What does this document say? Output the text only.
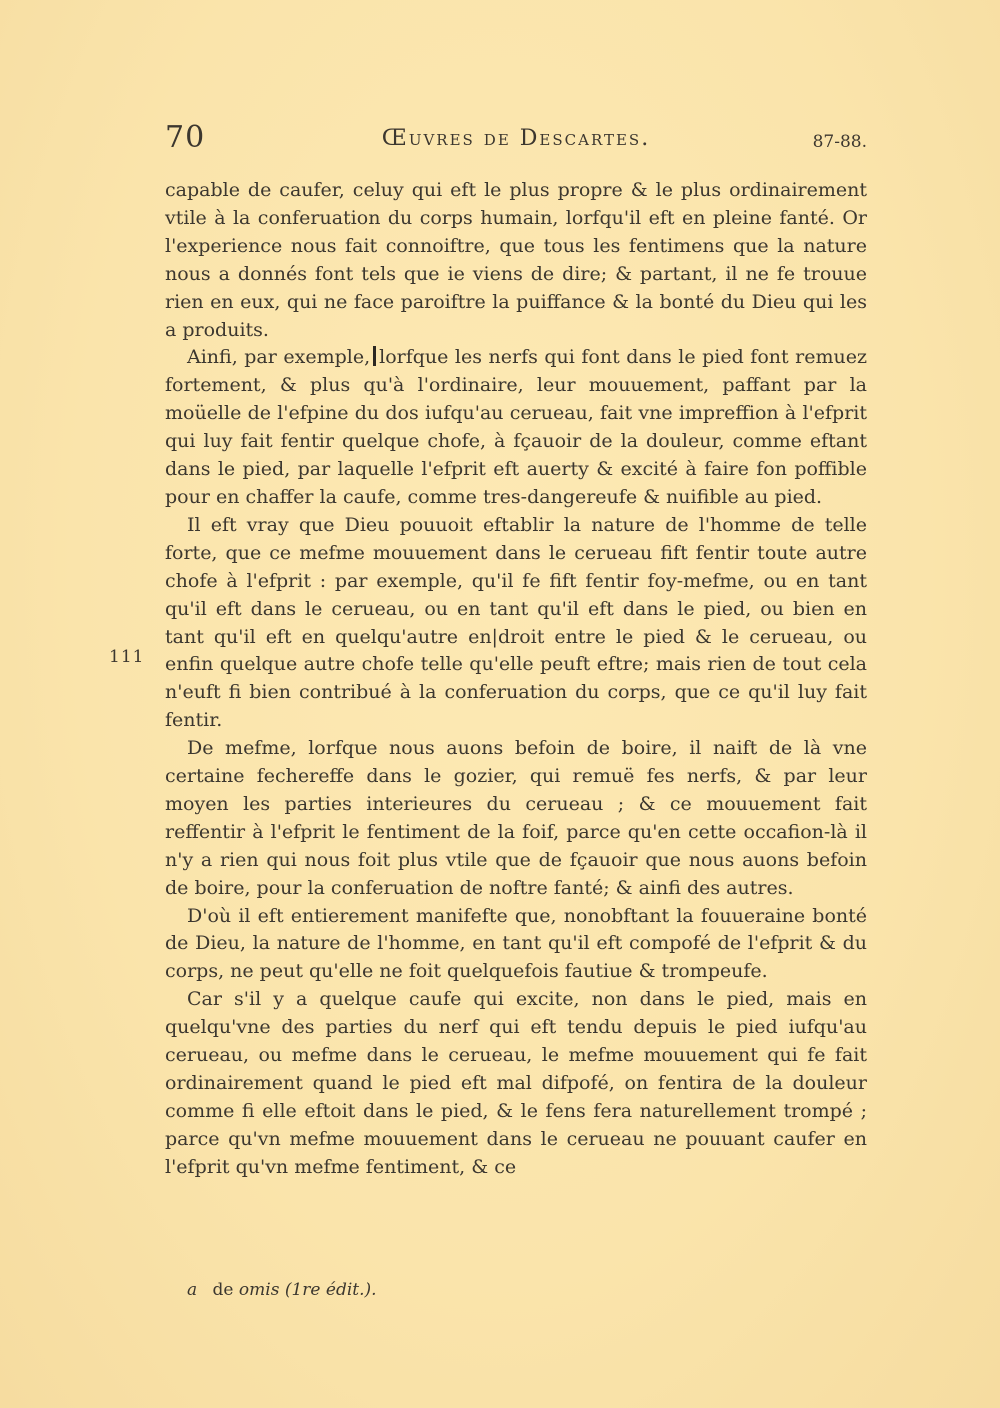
70	Œuvres de Descartes.	87-88.
111

capable de caufer, celuy qui eft le plus propre & le plus ordinairement vtile à la conferuation du corps humain, lorfqu'il eft en pleine fanté. Or l'experience nous fait connoiftre, que tous les fentimens que la nature nous a donnés font tels que ie viens de dire; & partant, il ne fe trouue rien en eux, qui ne face paroiftre la puiffance & la bonté du Dieu qui les a produits.

Ainfi, par exemple, lorfque les nerfs qui font dans le pied font remuez fortement, & plus qu'à l'ordinaire, leur mouuement, paffant par la moüelle de l'efpine du dos iufqu'au cerueau, fait vne impreffion à l'efprit qui luy fait fentir quelque chofe, à fçauoir de la douleur, comme eftant dans le pied, par laquelle l'efprit eft auerty & excité à faire fon poffible pour en chaffer la caufe, comme tres-dangereufe & nuifible au pied.

Il eft vray que Dieu pouuoit eftablir la nature de l'homme de telle forte, que ce mefme mouuement dans le cerueau fift fentir toute autre chofe à l'efprit : par exemple, qu'il fe fift fentir foy-mefme, ou en tant qu'il eft dans le cerueau, ou en tant qu'il eft dans le pied, ou bien en tant qu'il eft en quelqu'autre en|droit entre le pied & le cerueau, ou enfin quelque autre chofe telle qu'elle peuft eftre; mais rien de tout cela n'euft fi bien contribué à la conferuation du corps, que ce qu'il luy fait fentir.

De mefme, lorfque nous auons befoin de boire, il naift de là vne certaine fechereffe dans le gozier, qui remuë fes nerfs, & par leur moyen les parties interieures du cerueau ; & ce mouuement fait reffentir à l'efprit le fentiment de la foif, parce qu'en cette occafion-là il n'y a rien qui nous foit plus vtile que de fçauoir que nous auons befoin de boire, pour la conferuation de noftre fanté; & ainfi des autres.

D'où il eft entierement manifefte que, nonobftant la fouueraine bonté de Dieu, la nature de l'homme, en tant qu'il eft compofé de l'efprit & du corps, ne peut qu'elle ne foit quelquefois fautiue & trompeufe.

Car s'il y a quelque caufe qui excite, non dans le pied, mais en quelqu'vne des parties du nerf qui eft tendu depuis le pied iufqu'au cerueau, ou mefme dans le cerueau, le mefme mouuement qui fe fait ordinairement quand le pied eft mal difpofé, on fentira de la douleur comme fi elle eftoit dans le pied, & le fens fera naturellement trompé ; parce qu'vn mefme mouuement dans le cerueau ne pouuant caufer en l'efprit qu'vn mefme fentiment, & ce

a de omis (1re édit.).
